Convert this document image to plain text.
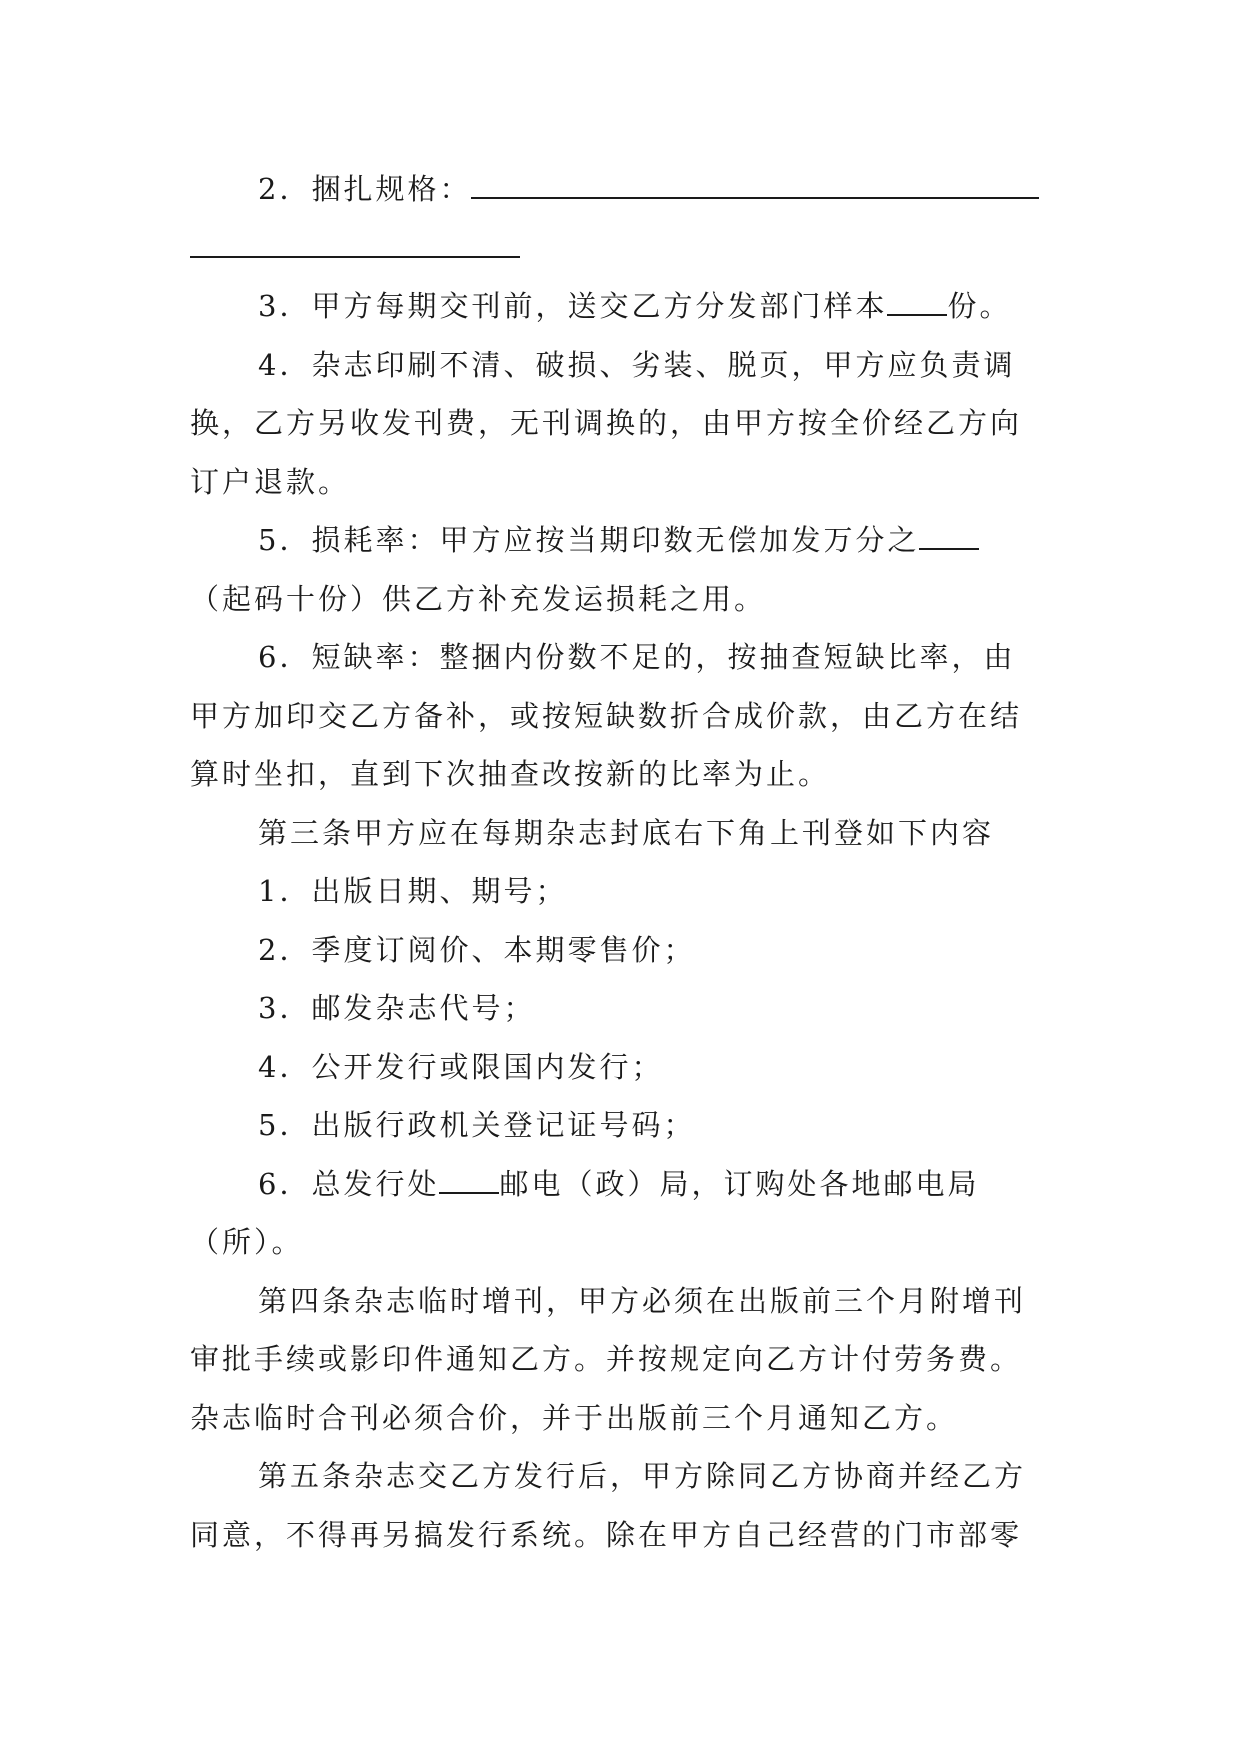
2．捆扎规格：
3．甲方每期交刊前，送交乙方分发部门样本 份。
4．杂志印刷不清、破损、劣装、脱页，甲方应负责调
换，乙方另收发刊费，无刊调换的，由甲方按全价经乙方向
订户退款。
5．损耗率：甲方应按当期印数无偿加发万分之
（起码十份）供乙方补充发运损耗之用。
6．短缺率：整捆内份数不足的，按抽查短缺比率，由
甲方加印交乙方备补，或按短缺数折合成价款，由乙方在结
算时坐扣，直到下次抽查改按新的比率为止。
第三条甲方应在每期杂志封底右下角上刊登如下内容
1．出版日期、期号；
2．季度订阅价、本期零售价；
3．邮发杂志代号；
4．公开发行或限国内发行；
5．出版行政机关登记证号码；
6．总发行处 邮电（政）局，订购处各地邮电局
（所）。
第四条杂志临时增刊，甲方必须在出版前三个月附增刊
审批手续或影印件通知乙方。并按规定向乙方计付劳务费。
杂志临时合刊必须合价，并于出版前三个月通知乙方。
第五条杂志交乙方发行后，甲方除同乙方协商并经乙方
同意，不得再另搞发行系统。除在甲方自己经营的门市部零
